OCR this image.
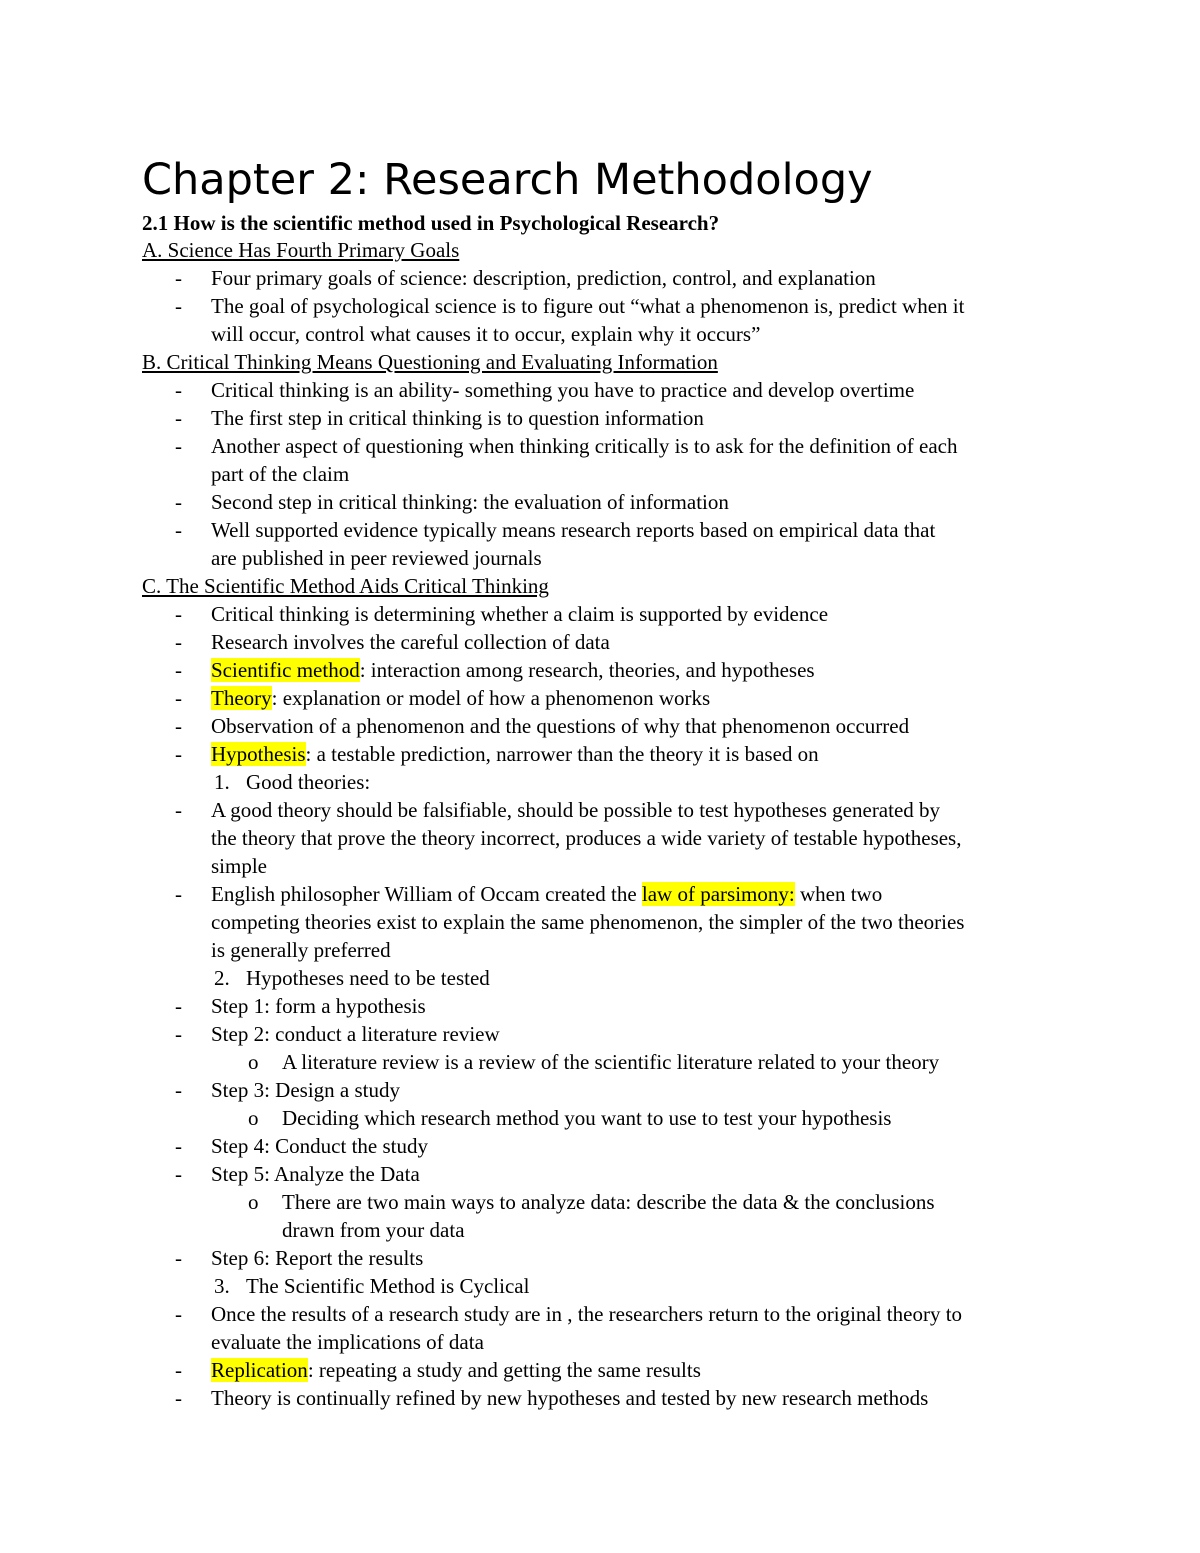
Chapter 2: Research Methodology
2.1 How is the scientific method used in Psychological Research?
A. Science Has Fourth Primary Goals
- Four primary goals of science: description, prediction, control, and explanation
- The goal of psychological science is to figure out “what a phenomenon is, predict when it
will occur, control what causes it to occur, explain why it occurs”
B. Critical Thinking Means Questioning and Evaluating Information
- Critical thinking is an ability- something you have to practice and develop overtime
- The first step in critical thinking is to question information
- Another aspect of questioning when thinking critically is to ask for the definition of each
part of the claim
- Second step in critical thinking: the evaluation of information
- Well supported evidence typically means research reports based on empirical data that
are published in peer reviewed journals
C. The Scientific Method Aids Critical Thinking
- Critical thinking is determining whether a claim is supported by evidence
- Research involves the careful collection of data
- Scientific method: interaction among research, theories, and hypotheses
- Theory: explanation or model of how a phenomenon works
- Observation of a phenomenon and the questions of why that phenomenon occurred
- Hypothesis: a testable prediction, narrower than the theory it is based on
1. Good theories:
- A good theory should be falsifiable, should be possible to test hypotheses generated by
the theory that prove the theory incorrect, produces a wide variety of testable hypotheses,
simple
- English philosopher William of Occam created the law of parsimony: when two
competing theories exist to explain the same phenomenon, the simpler of the two theories
is generally preferred
2. Hypotheses need to be tested
- Step 1: form a hypothesis
- Step 2: conduct a literature review
o A literature review is a review of the scientific literature related to your theory
- Step 3: Design a study
o Deciding which research method you want to use to test your hypothesis
- Step 4: Conduct the study
- Step 5: Analyze the Data
o There are two main ways to analyze data: describe the data & the conclusions
drawn from your data
- Step 6: Report the results
3. The Scientific Method is Cyclical
- Once the results of a research study are in , the researchers return to the original theory to
evaluate the implications of data
- Replication: repeating a study and getting the same results
- Theory is continually refined by new hypotheses and tested by new research methods
